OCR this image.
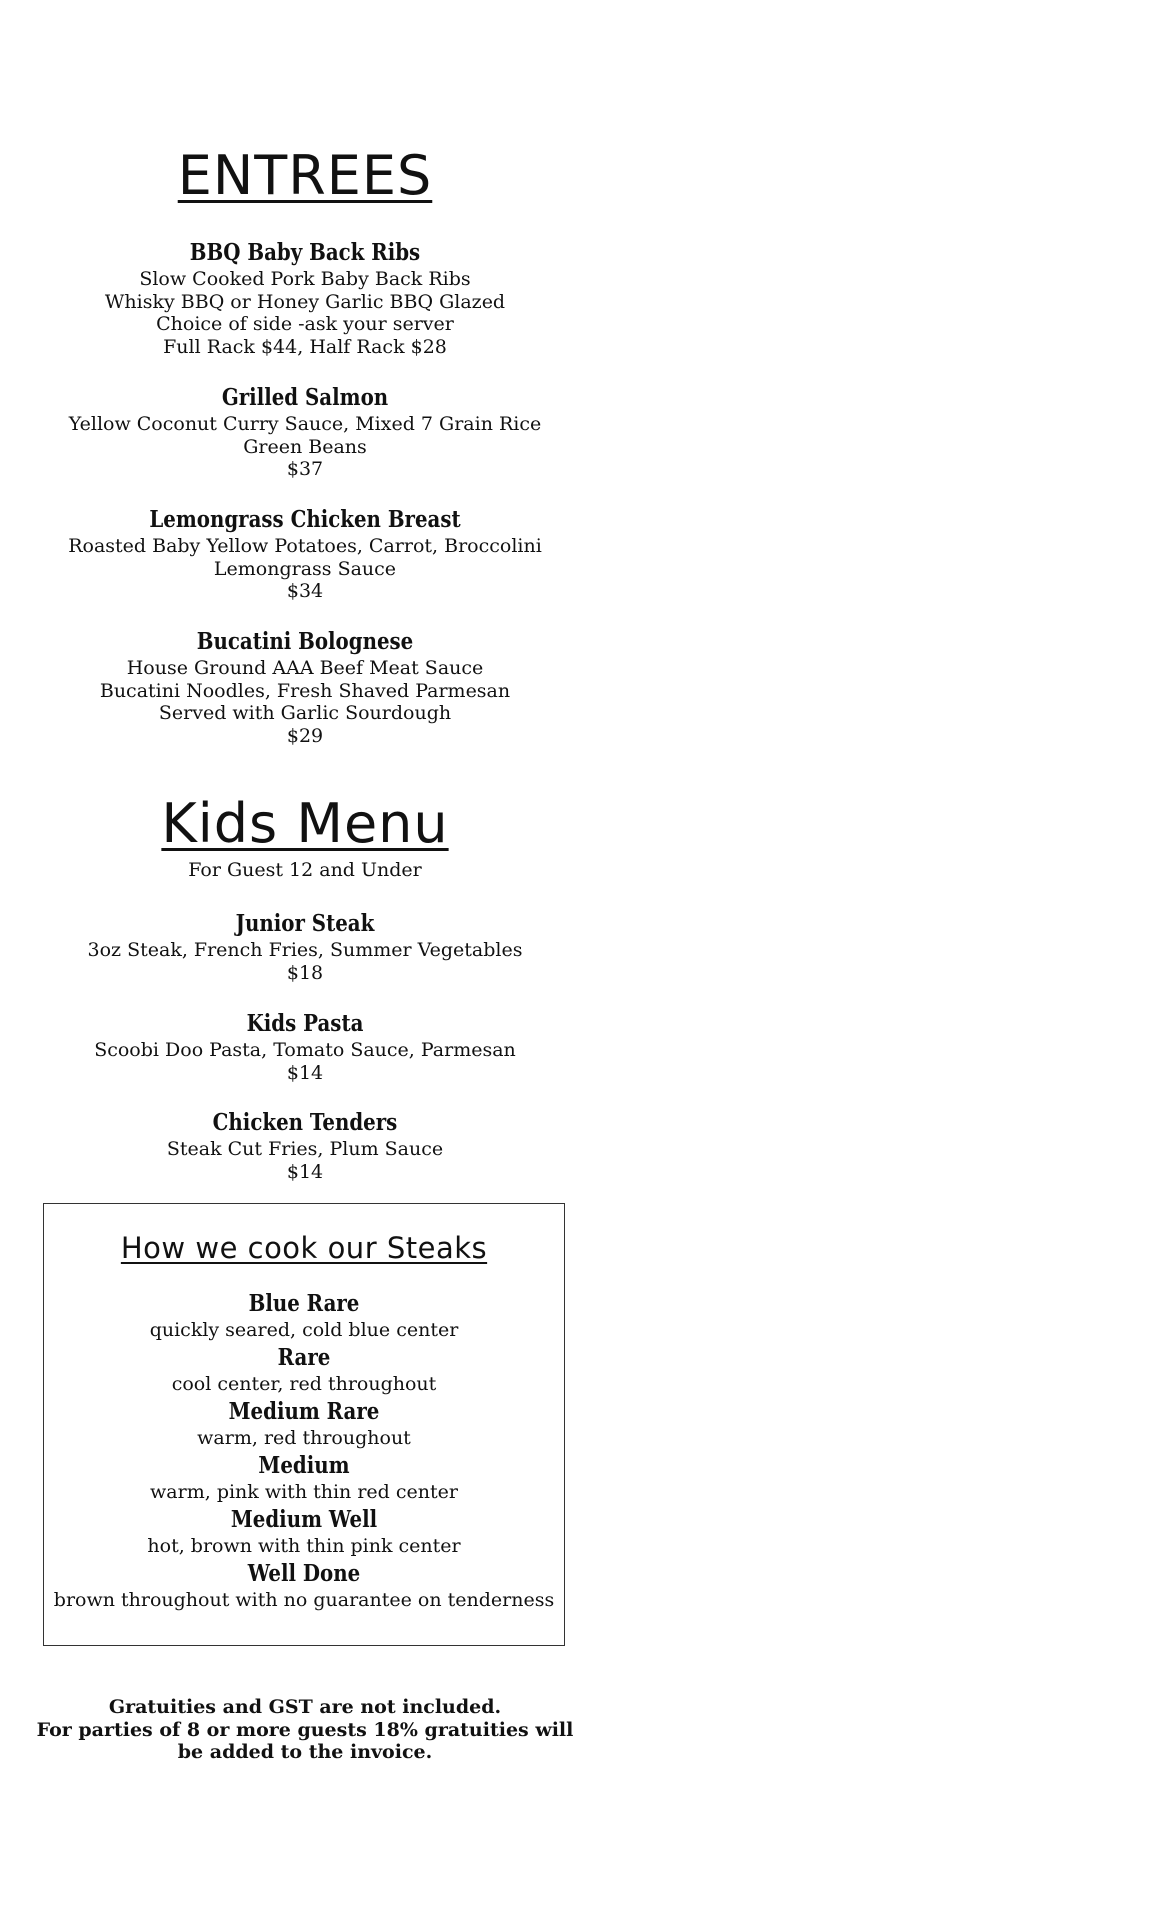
ENTREES
BBQ Baby Back Ribs
Slow Cooked Pork Baby Back Ribs
Whisky BBQ or Honey Garlic BBQ Glazed
Choice of side -ask your server
Full Rack $44, Half Rack $28
Grilled Salmon
Yellow Coconut Curry Sauce, Mixed 7 Grain Rice
Green Beans
$37
Lemongrass Chicken Breast
Roasted Baby Yellow Potatoes, Carrot, Broccolini
Lemongrass Sauce
$34
Bucatini Bolognese
House Ground AAA Beef Meat Sauce
Bucatini Noodles, Fresh Shaved Parmesan
Served with Garlic Sourdough
$29
Kids Menu
For Guest 12 and Under
Junior Steak
3oz Steak, French Fries, Summer Vegetables
$18
Kids Pasta
Scoobi Doo Pasta, Tomato Sauce, Parmesan
$14
Chicken Tenders
Steak Cut Fries, Plum Sauce
$14
How we cook our Steaks
Blue Rare
quickly seared, cold blue center
Rare
cool center, red throughout
Medium Rare
warm, red throughout
Medium
warm, pink with thin red center
Medium Well
hot, brown with thin pink center
Well Done
brown throughout with no guarantee on tenderness
Gratuities and GST are not included.
For parties of 8 or more guests 18% gratuities will
be added to the invoice.
